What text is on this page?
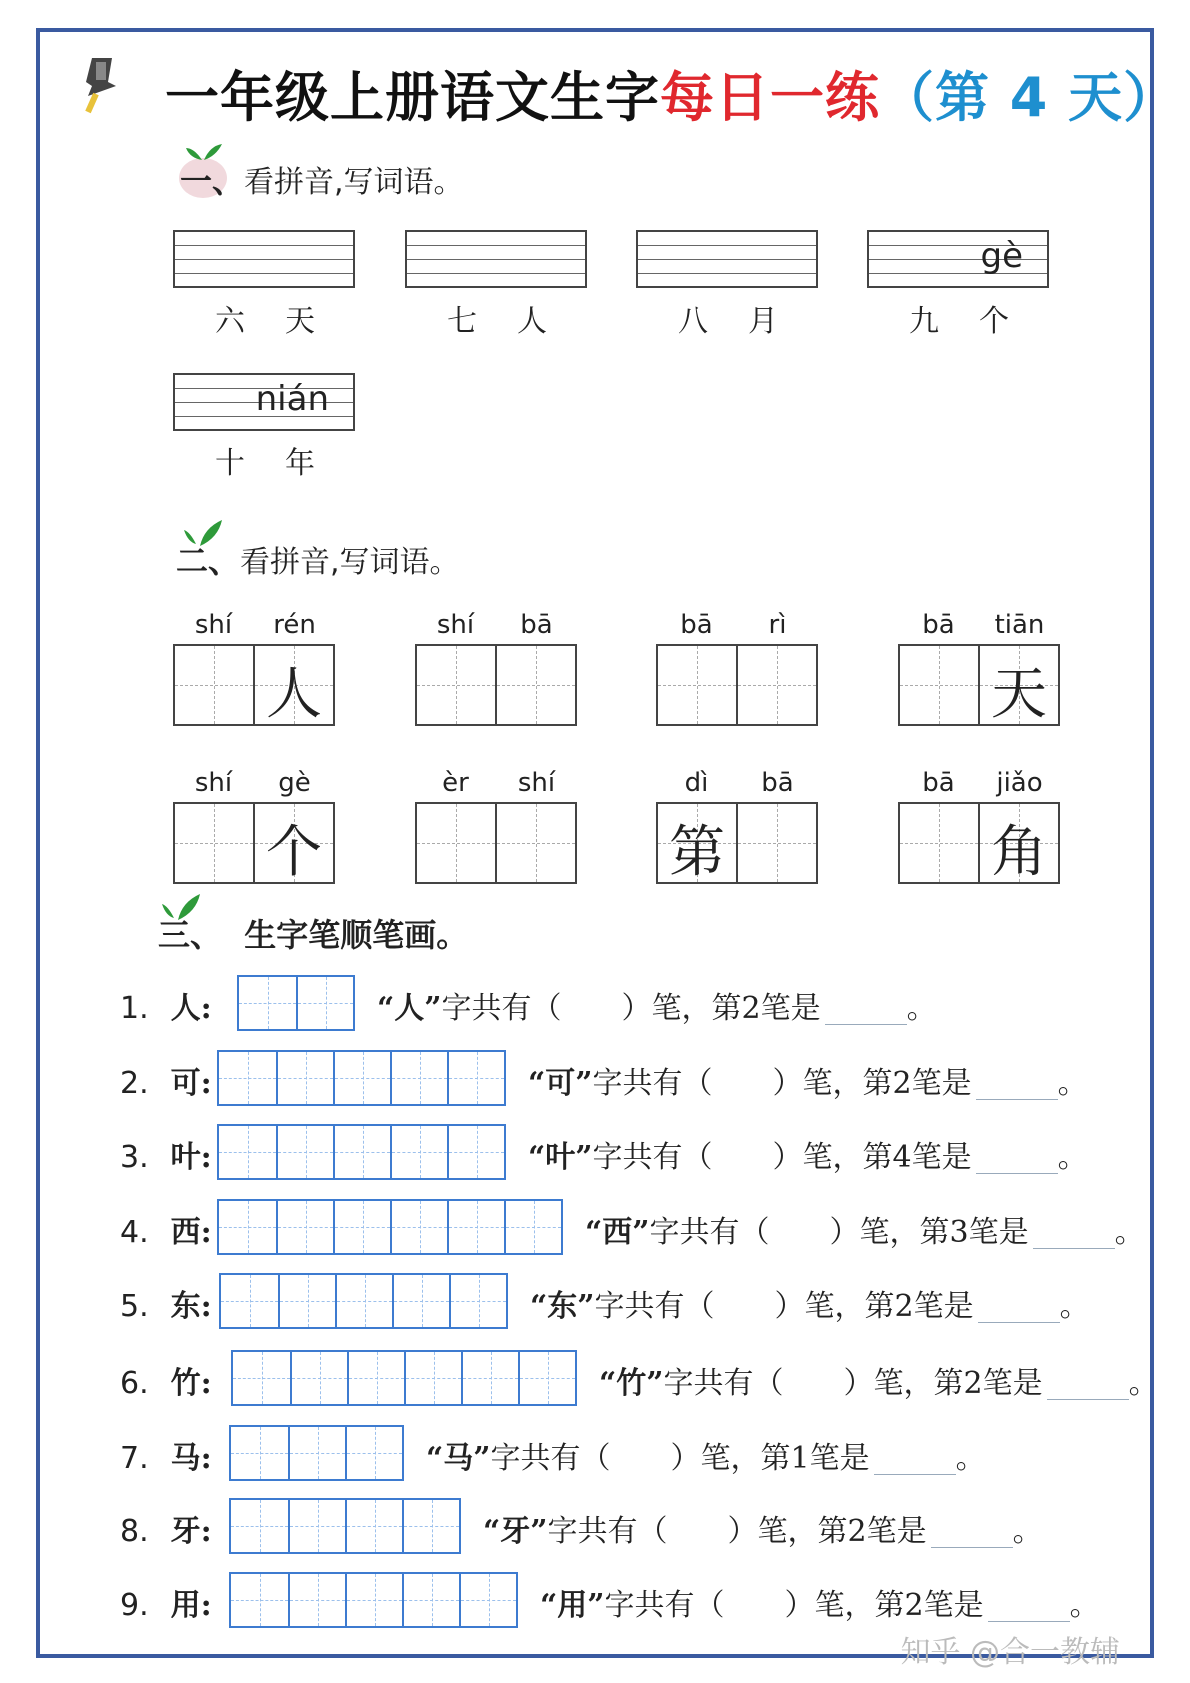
一年级上册语文生字每日一练（第 4 天）
一、看拼音,写词语。
六 天	七 人	八 月
gè
九 个
nián
十 年
二、看拼音,写词语。
shí rén
人
shí bā	bā rì	bā tiān
天
shí gè
个
èr shí	dì bā
第
bā jiǎo
角
三、 生字笔顺笔画。
1. 人:	“人”字共有（　　）笔，第2笔是	。
2. 可:	“可”字共有（　　）笔，第2笔是	。
3. 叶:	“叶”字共有（　　）笔，第4笔是	。
4. 西:	“西”字共有（　　）笔，第3笔是	。
5. 东:	“东”字共有（　　）笔，第2笔是	。
6. 竹:	“竹”字共有（　　）笔，第2笔是	。
7. 马:	“马”字共有（　　）笔，第1笔是	。
8. 牙:	“牙”字共有（　　）笔，第2笔是	。
9. 用:	“用”字共有（　　）笔，第2笔是	。
知乎 @合一教辅
